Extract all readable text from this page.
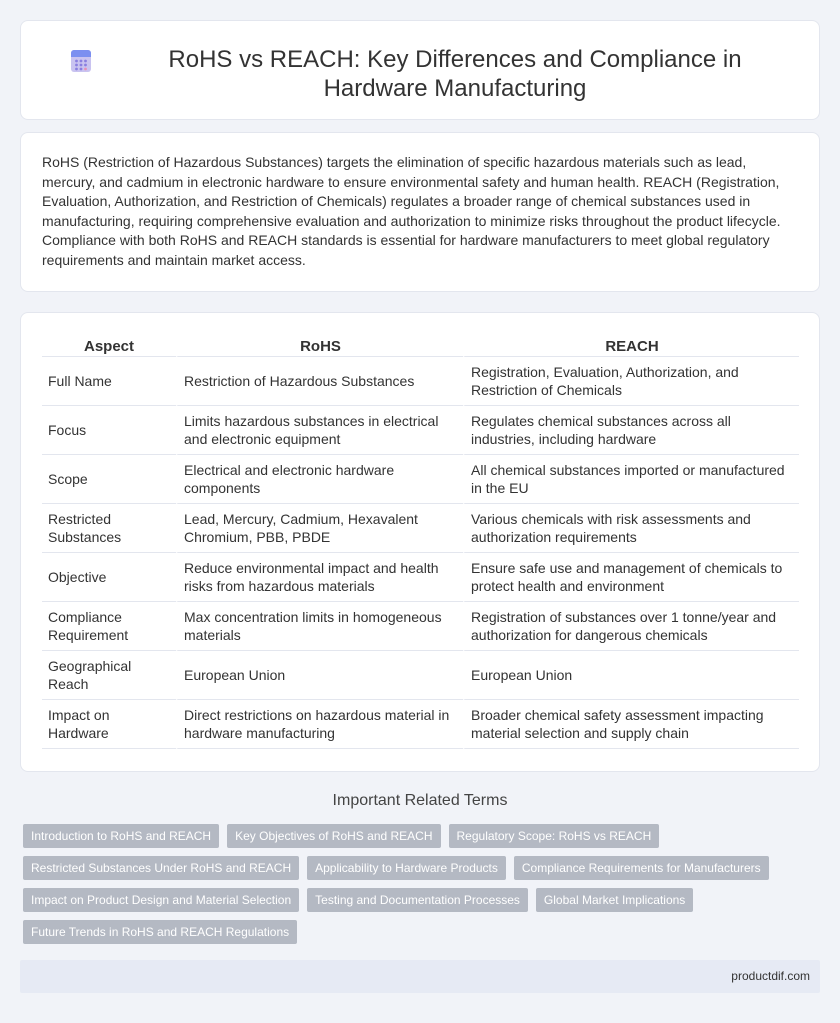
RoHS vs REACH: Key Differences and Compliance in Hardware Manufacturing

RoHS (Restriction of Hazardous Substances) targets the elimination of specific hazardous materials such as lead, mercury, and cadmium in electronic hardware to ensure environmental safety and human health. REACH (Registration, Evaluation, Authorization, and Restriction of Chemicals) regulates a broader range of chemical substances used in manufacturing, requiring comprehensive evaluation and authorization to minimize risks throughout the product lifecycle. Compliance with both RoHS and REACH standards is essential for hardware manufacturers to meet global regulatory requirements and maintain market access.

Aspect	RoHS	REACH
Full Name	Restriction of Hazardous Substances	Registration, Evaluation, Authorization, and Restriction of Chemicals
Focus	Limits hazardous substances in electrical and electronic equipment	Regulates chemical substances across all industries, including hardware
Scope	Electrical and electronic hardware components	All chemical substances imported or manufactured in the EU
Restricted Substances	Lead, Mercury, Cadmium, Hexavalent Chromium, PBB, PBDE	Various chemicals with risk assessments and authorization requirements
Objective	Reduce environmental impact and health risks from hazardous materials	Ensure safe use and management of chemicals to protect health and environment
Compliance Requirement	Max concentration limits in homogeneous materials	Registration of substances over 1 tonne/year and authorization for dangerous chemicals
Geographical Reach	European Union	European Union
Impact on Hardware	Direct restrictions on hazardous material in hardware manufacturing	Broader chemical safety assessment impacting material selection and supply chain
Important Related Terms
Introduction to RoHS and REACH	Key Objectives of RoHS and REACH	Regulatory Scope: RoHS vs REACH
Restricted Substances Under RoHS and REACH	Applicability to Hardware Products	Compliance Requirements for Manufacturers
Impact on Product Design and Material Selection	Testing and Documentation Processes	Global Market Implications
Future Trends in RoHS and REACH Regulations
productdif.com
